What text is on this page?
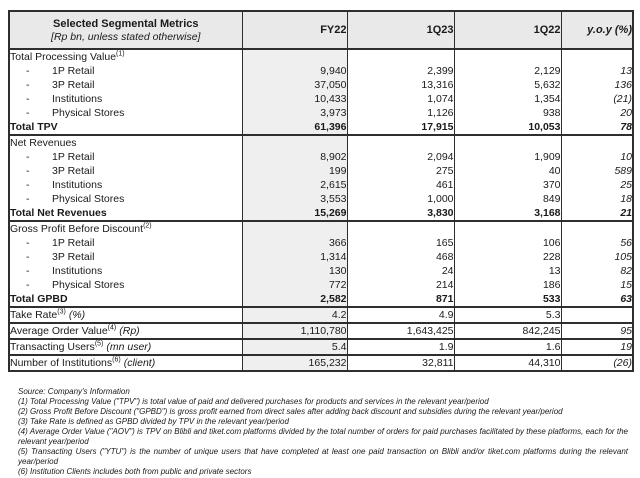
Selected Segmental Metrics
[Rp bn, unless stated otherwise]	FY22	1Q23	1Q22	y.o.y (%)
Total Processing Value$^{(1)}$				
- 1P Retail	9,940	2,399	2,129	13
- 3P Retail	37,050	13,316	5,632	136
- Institutions	10,433	1,074	1,354	(21)
- Physical Stores	3,973	1,126	938	20
Total TPV	61,396	17,915	10,053	78
Net Revenues				
- 1P Retail	8,902	2,094	1,909	10
- 3P Retail	199	275	40	589
- Institutions	2,615	461	370	25
- Physical Stores	3,553	1,000	849	18
Total Net Revenues	15,269	3,830	3,168	21
Gross Profit Before Discount$^{(2)}$				
- 1P Retail	366	165	106	56
- 3P Retail	1,314	468	228	105
- Institutions	130	24	13	82
- Physical Stores	772	214	186	15
Total GPBD	2,582	871	533	63
Take Rate$^{(3)}$ (%)	4.2	4.9	5.3	
Average Order Value$^{(4)}$ (Rp)	1,110,780	1,643,425	842,245	95
Transacting Users$^{(5)}$ (mn user)	5.4	1.9	1.6	19
Number of Institutions$^{(6)}$ (client)	165,232	32,811	44,310	(26)
Source: Company's Information
(1) Total Processing Value ("TPV") is total value of paid and delivered purchases for products and services in the relevant year/period
(2) Gross Profit Before Discount ("GPBD") is gross profit earned from direct sales after adding back discount and subsidies during the relevant year/period
(3) Take Rate is defined as GPBD divided by TPV in the relevant year/period
(4) Average Order Value ("AOV") is TPV on Blibli and tiket.com platforms divided by the total number of orders for paid purchases facilitated by these platforms, each for the relevant year/period
(5) Transacting Users ("YTU") is the number of unique users that have completed at least one paid transaction on Blibli and/or tiket.com platforms during the relevant year/period
(6) Institution Clients includes both from public and private sectors
